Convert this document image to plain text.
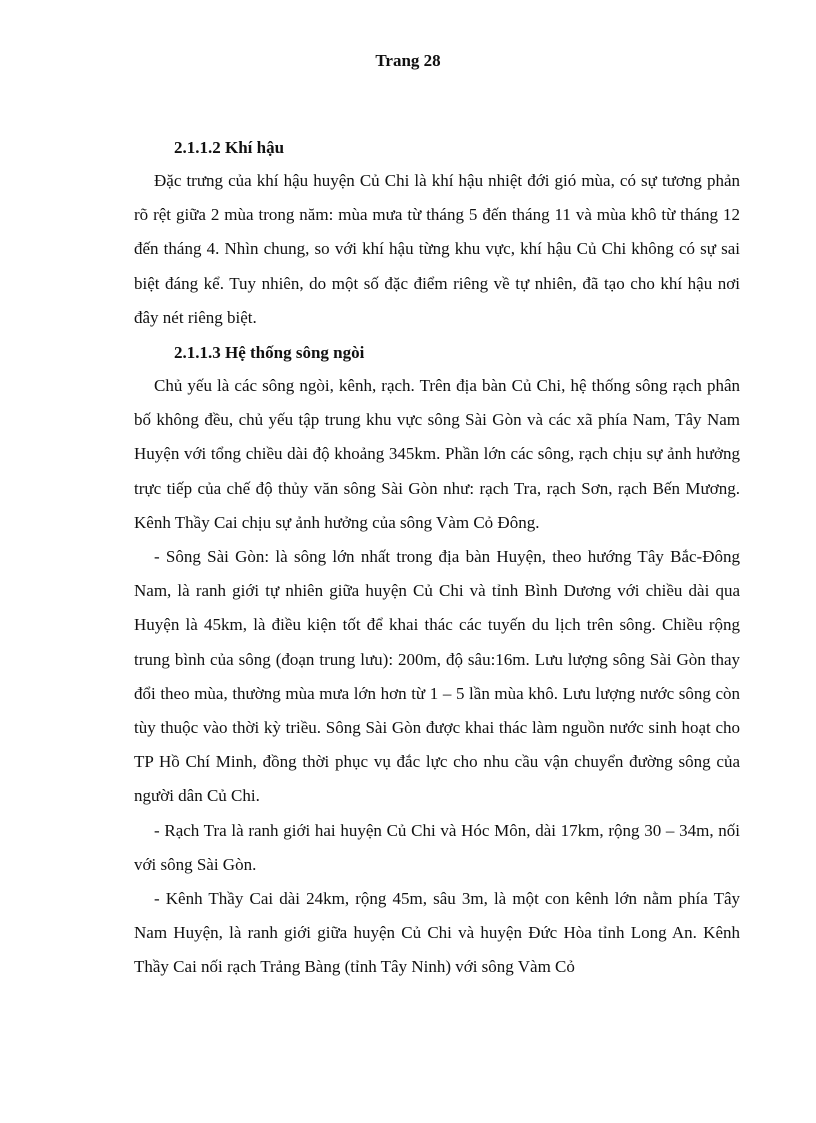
Trang 28
2.1.1.2 Khí hậu

Đặc trưng của khí hậu huyện Củ Chi là khí hậu nhiệt đới gió mùa, có sự tương phản rõ rệt giữa 2 mùa trong năm: mùa mưa từ tháng 5 đến tháng 11 và mùa khô từ tháng 12 đến tháng 4. Nhìn chung, so với khí hậu từng khu vực, khí hậu Củ Chi không có sự sai biệt đáng kể. Tuy nhiên, do một số đặc điểm riêng về tự nhiên, đã tạo cho khí hậu nơi đây nét riêng biệt.

2.1.1.3 Hệ thống sông ngòi

Chủ yếu là các sông ngòi, kênh, rạch. Trên địa bàn Củ Chi, hệ thống sông rạch phân bố không đều, chủ yếu tập trung khu vực sông Sài Gòn và các xã phía Nam, Tây Nam Huyện với tổng chiều dài độ khoảng 345km. Phần lớn các sông, rạch chịu sự ảnh hưởng trực tiếp của chế độ thủy văn sông Sài Gòn như: rạch Tra, rạch Sơn, rạch Bến Mương. Kênh Thầy Cai chịu sự ảnh hưởng của sông Vàm Cỏ Đông.

- Sông Sài Gòn: là sông lớn nhất trong địa bàn Huyện, theo hướng Tây Bắc-Đông Nam, là ranh giới tự nhiên giữa huyện Củ Chi và tỉnh Bình Dương với chiều dài qua Huyện là 45km, là điều kiện tốt để khai thác các tuyến du lịch trên sông. Chiều rộng trung bình của sông (đoạn trung lưu): 200m, độ sâu:16m. Lưu lượng sông Sài Gòn thay đổi theo mùa, thường mùa mưa lớn hơn từ 1 – 5 lần mùa khô. Lưu lượng nước sông còn tùy thuộc vào thời kỳ triều. Sông Sài Gòn được khai thác làm nguồn nước sinh hoạt cho TP Hồ Chí Minh, đồng thời phục vụ đắc lực cho nhu cầu vận chuyển đường sông của người dân Củ Chi.

- Rạch Tra là ranh giới hai huyện Củ Chi và Hóc Môn, dài 17km, rộng 30 – 34m, nối với sông Sài Gòn.

- Kênh Thầy Cai dài 24km, rộng 45m, sâu 3m, là một con kênh lớn nằm phía Tây Nam Huyện, là ranh giới giữa huyện Củ Chi và huyện Đức Hòa tỉnh Long An. Kênh Thầy Cai nối rạch Trảng Bàng (tỉnh Tây Ninh) với sông Vàm Cỏ
